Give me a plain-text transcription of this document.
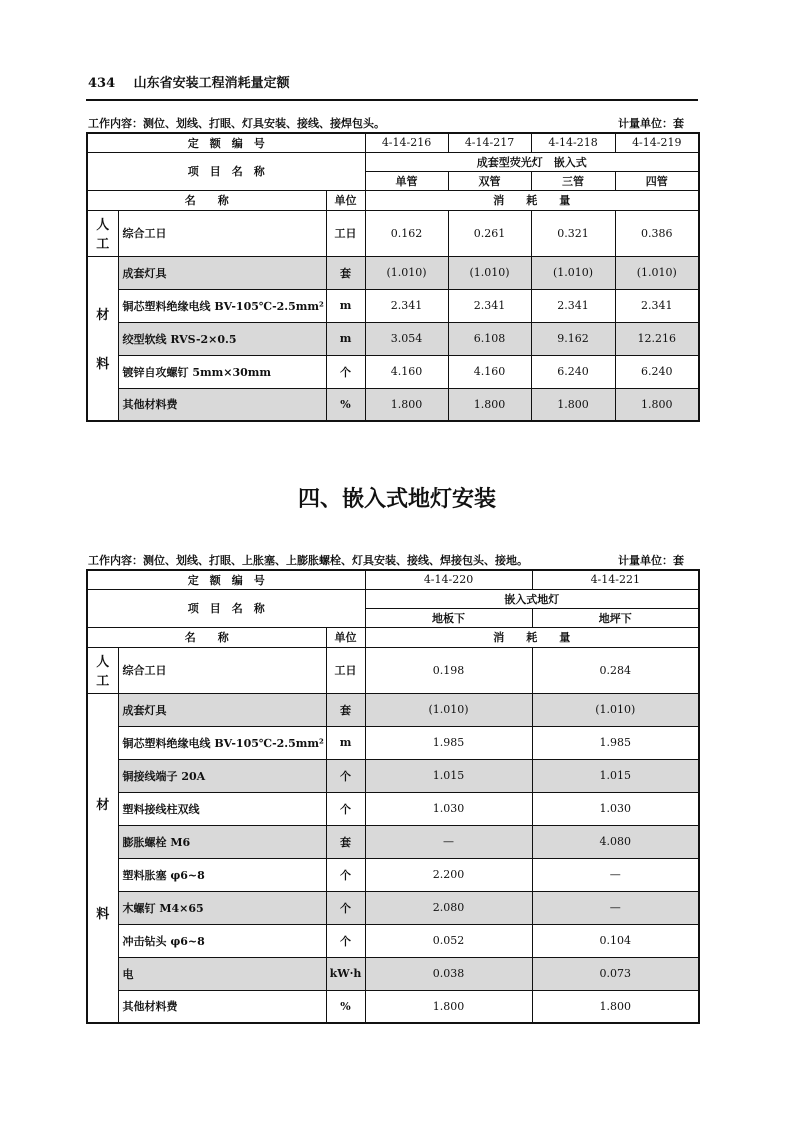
434 山东省安装工程消耗量定额
工作内容：测位、划线、打眼、灯具安装、接线、接焊包头。	计量单位：套
定　额　编　号			4-14-216	4-14-217	4-14-218	4-14-219
项　目　名　称			成套型荧光灯　嵌入式			
			单管	双管	三管	四管
名　　称		单位	消　　耗　　量			
人
工	综合工日	工日	0.162	0.261	0.321	0.386
材

料	成套灯具	套	(1.010)	(1.010)	(1.010)	(1.010)
	铜芯塑料绝缘电线 BV-105℃-2.5mm²	m	2.341	2.341	2.341	2.341
	绞型软线 RVS-2×0.5	m	3.054	6.108	9.162	12.216
	镀锌自攻螺钉 5mm×30mm	个	4.160	4.160	6.240	6.240
	其他材料费	%	1.800	1.800	1.800	1.800
四、嵌入式地灯安装
工作内容：测位、划线、打眼、上胀塞、上膨胀螺栓、灯具安装、接线、焊接包头、接地。	计量单位：套
定　额　编　号			4-14-220	4-14-221
项　目　名　称			嵌入式地灯	
			地板下	地坪下
名　　称		单位	消　　耗　　量	
人
工	综合工日	工日	0.198	0.284
材

料	成套灯具	套	(1.010)	(1.010)
	铜芯塑料绝缘电线 BV-105℃-2.5mm²	m	1.985	1.985
	铜接线端子 20A	个	1.015	1.015
	塑料接线柱双线	个	1.030	1.030
	膨胀螺栓 M6	套	—	4.080
	塑料胀塞 φ6~8	个	2.200	—
	木螺钉 M4×65	个	2.080	—
	冲击钻头 φ6~8	个	0.052	0.104
	电	kW·h	0.038	0.073
	其他材料费	%	1.800	1.800
